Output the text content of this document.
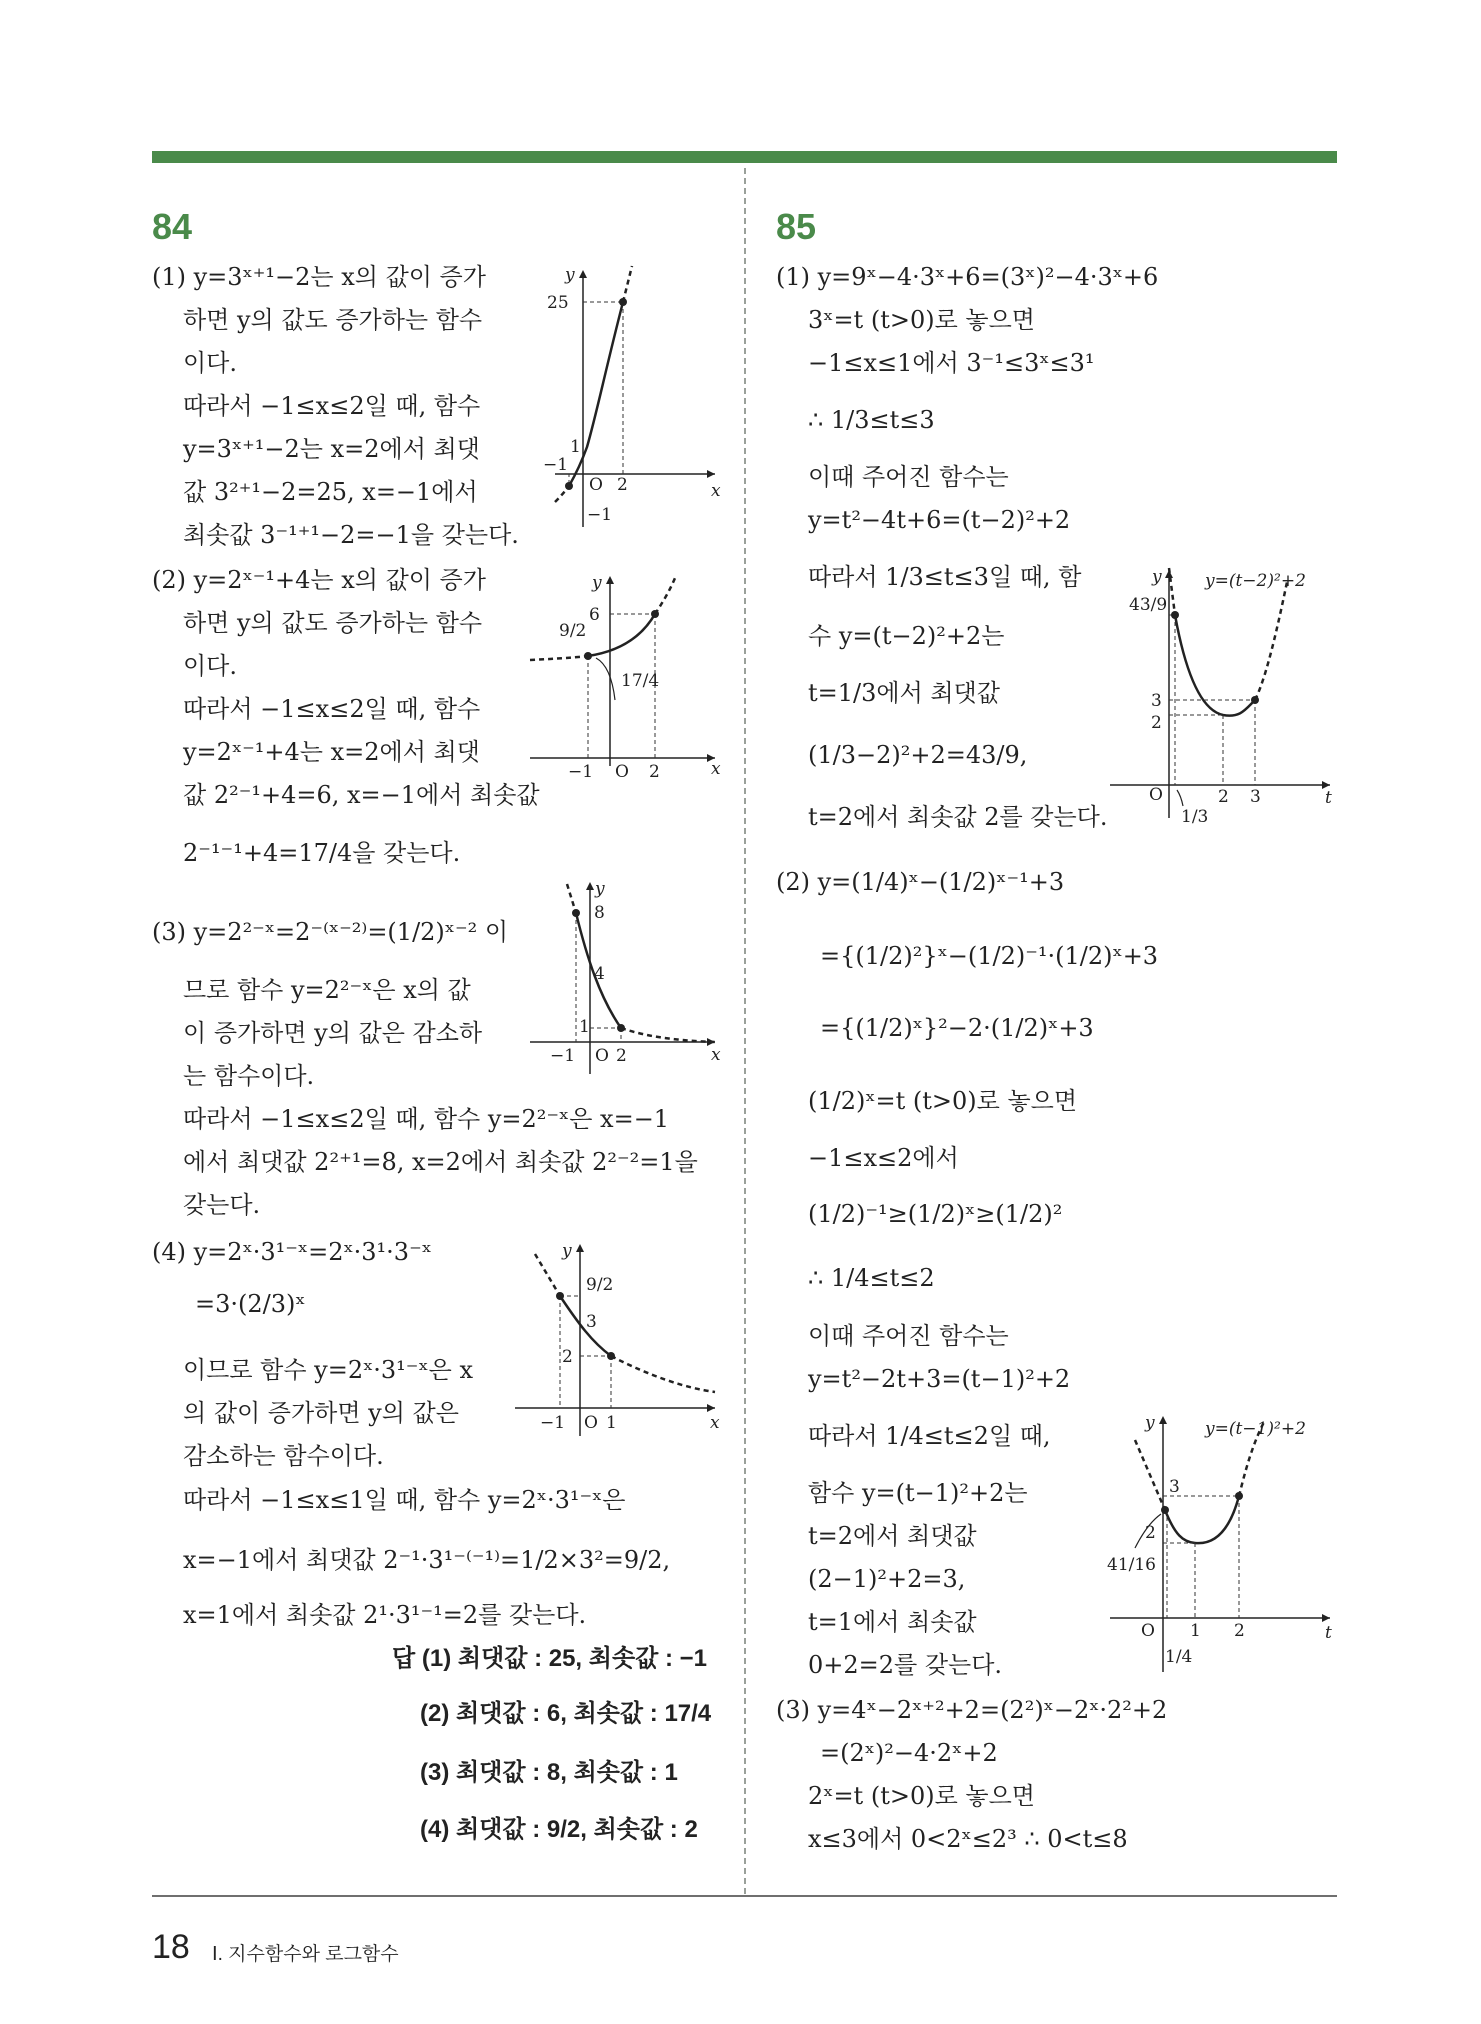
84	85
(1) y=3ˣ⁺¹−2는 x의 값이 증가
하면 y의 값도 증가하는 함수
이다.
따라서 −1≤x≤2일 때, 함수
y=3ˣ⁺¹−2는 x=2에서 최댓
값 3²⁺¹−2=25, x=−1에서
최솟값 3⁻¹⁺¹−2=−1을 갖는다.
(2) y=2ˣ⁻¹+4는 x의 값이 증가
하면 y의 값도 증가하는 함수
이다.
따라서 −1≤x≤2일 때, 함수
y=2ˣ⁻¹+4는 x=2에서 최댓
값 2²⁻¹+4=6, x=−1에서 최솟값
2⁻¹⁻¹+4=17/4을 갖는다.
(3) y=2²⁻ˣ=2⁻⁽ˣ⁻²⁾=(1/2)ˣ⁻² 이
므로 함수 y=2²⁻ˣ은 x의 값
이 증가하면 y의 값은 감소하
는 함수이다.
따라서 −1≤x≤2일 때, 함수 y=2²⁻ˣ은 x=−1
에서 최댓값 2²⁺¹=8, x=2에서 최솟값 2²⁻²=1을
갖는다.
(4) y=2ˣ·3¹⁻ˣ=2ˣ·3¹·3⁻ˣ
=3·(2/3)ˣ
이므로 함수 y=2ˣ·3¹⁻ˣ은 x
의 값이 증가하면 y의 값은
감소하는 함수이다.
따라서 −1≤x≤1일 때, 함수 y=2ˣ·3¹⁻ˣ은
x=−1에서 최댓값 2⁻¹·3¹⁻⁽⁻¹⁾=1/2×3²=9/2,
x=1에서 최솟값 2¹·3¹⁻¹=2를 갖는다.
답 (1) 최댓값 : 25, 최솟값 : −1
(2) 최댓값 : 6, 최솟값 : 17/4
(3) 최댓값 : 8, 최솟값 : 1
(4) 최댓값 : 9/2, 최솟값 : 2
(1) y=9ˣ−4·3ˣ+6=(3ˣ)²−4·3ˣ+6
3ˣ=t (t>0)로 놓으면
−1≤x≤1에서 3⁻¹≤3ˣ≤3¹
∴ 1/3≤t≤3
이때 주어진 함수는
y=t²−4t+6=(t−2)²+2
따라서 1/3≤t≤3일 때, 함
수 y=(t−2)²+2는
t=1/3에서 최댓값
(1/3−2)²+2=43/9,
t=2에서 최솟값 2를 갖는다.
(2) y=(1/4)ˣ−(1/2)ˣ⁻¹+3
={(1/2)²}ˣ−(1/2)⁻¹·(1/2)ˣ+3
={(1/2)ˣ}²−2·(1/2)ˣ+3
(1/2)ˣ=t (t>0)로 놓으면
−1≤x≤2에서
(1/2)⁻¹≥(1/2)ˣ≥(1/2)²
∴ 1/4≤t≤2
이때 주어진 함수는
y=t²−2t+3=(t−1)²+2
따라서 1/4≤t≤2일 때,
함수 y=(t−1)²+2는
t=2에서 최댓값
(2−1)²+2=3,
t=1에서 최솟값
0+2=2를 갖는다.
(3) y=4ˣ−2ˣ⁺²+2=(2²)ˣ−2ˣ·2²+2
=(2ˣ)²−4·2ˣ+2
2ˣ=t (t>0)로 놓으면
x≤3에서 0<2ˣ≤2³ ∴ 0<t≤8
y
x
25
1
−1
O 2
−1
y
x
6
9/2
17/4
−1 O 2
y
x
8
4
1
−1 O 2
y
x
9/2
3
2
−1 O 1
y
t
y=(t−2)²+2
43/9
3
2
O
1/3
2 3
y
t
y=(t−1)²+2
3
2
41/16
O
1/4
1 2
18 Ⅰ. 지수함수와 로그함수
